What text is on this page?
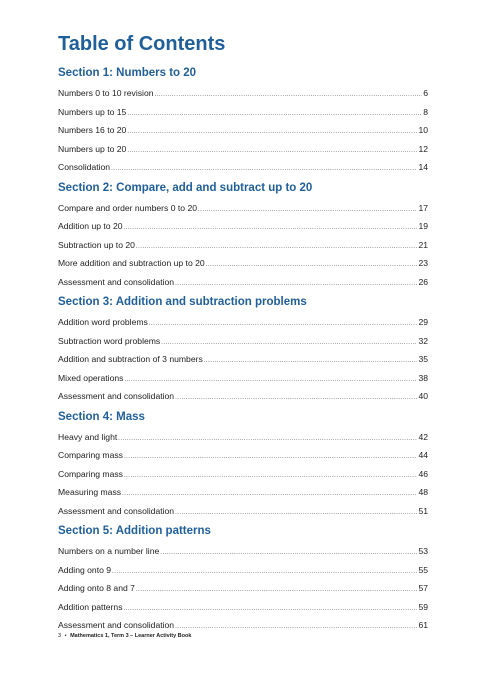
Table of Contents
Section 1: Numbers to 20
Numbers 0 to 10 revision .....	6
Numbers up to 15 .....	8
Numbers 16 to 20 .....	10
Numbers up to 20 .....	12
Consolidation .....	14
Section 2: Compare, add and subtract up to 20
Compare and order numbers 0 to 20 .....	17
Addition up to 20 .....	19
Subtraction up to 20 .....	21
More addition and subtraction up to 20 .....	23
Assessment and consolidation .....	26
Section 3: Addition and subtraction problems
Addition word problems .....	29
Subtraction word problems .....	32
Addition and subtraction of 3 numbers .....	35
Mixed operations .....	38
Assessment and consolidation .....	40
Section 4: Mass
Heavy and light .....	42
Comparing mass .....	44
Comparing mass .....	46
Measuring mass .....	48
Assessment and consolidation .....	51
Section 5: Addition patterns
Numbers on a number line .....	53
Adding onto 9 .....	55
Adding onto 8 and 7 .....	57
Addition patterns .....	59
Assessment and consolidation .....	61
3 • Mathematics 1, Term 3 – Learner Activity Book
